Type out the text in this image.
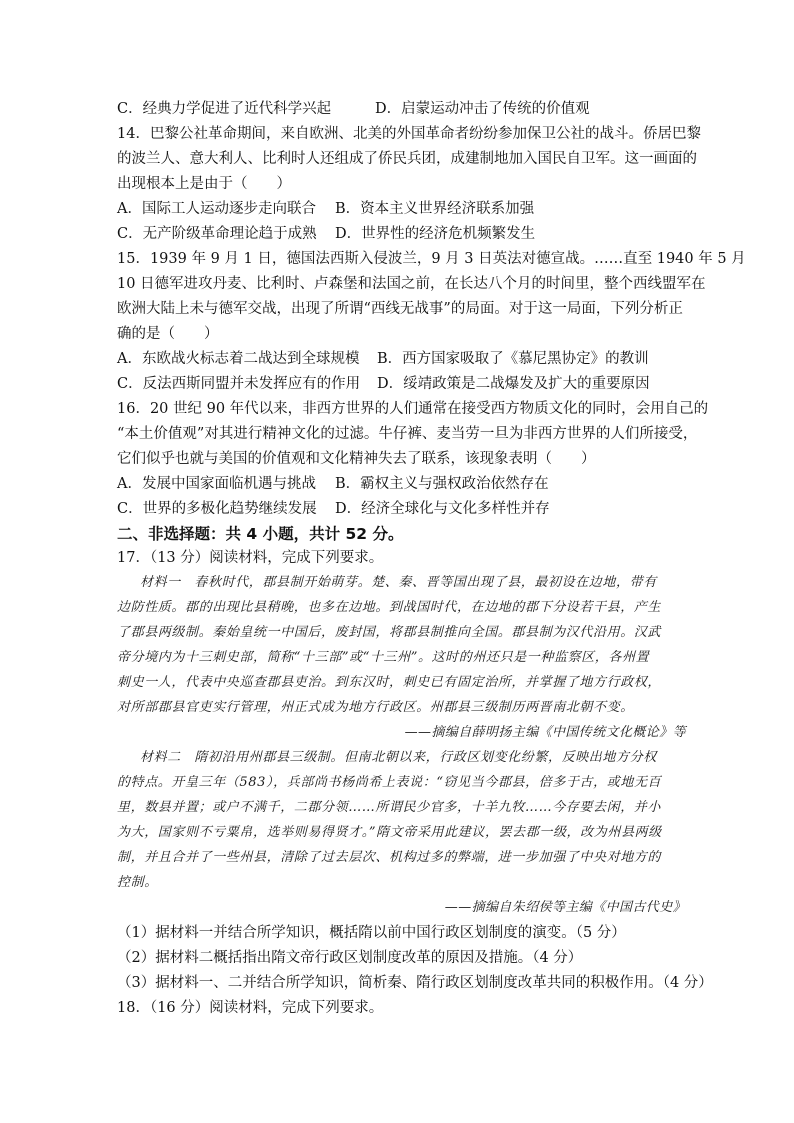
C．经典力学促进了近代科学兴起	D．启蒙运动冲击了传统的价值观
14．巴黎公社革命期间，来自欧洲、北美的外国革命者纷纷参加保卫公社的战斗。侨居巴黎
的波兰人、意大利人、比利时人还组成了侨民兵团，成建制地加入国民自卫军。这一画面的
出现根本上是由于（　　）
A．国际工人运动逐步走向联合 B．资本主义世界经济联系加强
C．无产阶级革命理论趋于成熟 D．世界性的经济危机频繁发生
15．1939 年 9 月 1 日，德国法西斯入侵波兰，9 月 3 日英法对德宣战。……直至 1940 年 5 月
10 日德军进攻丹麦、比利时、卢森堡和法国之前，在长达八个月的时间里，整个西线盟军在
欧洲大陆上未与德军交战，出现了所谓“西线无战事”的局面。对于这一局面，下列分析正
确的是（　　）
A．东欧战火标志着二战达到全球规模 B．西方国家吸取了《慕尼黑协定》的教训
C．反法西斯同盟并未发挥应有的作用 D．绥靖政策是二战爆发及扩大的重要原因
16．20 世纪 90 年代以来，非西方世界的人们通常在接受西方物质文化的同时，会用自己的
“本土价值观”对其进行精神文化的过滤。牛仔裤、麦当劳一旦为非西方世界的人们所接受，
它们似乎也就与美国的价值观和文化精神失去了联系，该现象表明（　　）
A．发展中国家面临机遇与挑战 B．霸权主义与强权政治依然存在
C．世界的多极化趋势继续发展 D．经济全球化与文化多样性并存
二、非选择题：共 4 小题，共计 52 分。
17．（13 分）阅读材料，完成下列要求。
材料一　春秋时代，郡县制开始萌芽。楚、秦、晋等国出现了县，最初设在边地，带有
边防性质。郡的出现比县稍晚，也多在边地。到战国时代，在边地的郡下分设若干县，产生
了郡县两级制。秦始皇统一中国后，废封国，将郡县制推向全国。郡县制为汉代沿用。汉武
帝分境内为十三刺史部，简称“十三部”或“十三州”。这时的州还只是一种监察区，各州置
刺史一人，代表中央巡查郡县吏治。到东汉时，刺史已有固定治所，并掌握了地方行政权，
对所部郡县官吏实行管理，州正式成为地方行政区。州郡县三级制历两晋南北朝不变。
——摘编自薛明扬主编《中国传统文化概论》等
材料二　隋初沿用州郡县三级制。但南北朝以来，行政区划变化纷繁，反映出地方分权
的特点。开皇三年（583），兵部尚书杨尚希上表说：“窃见当今郡县，倍多于古，或地无百
里，数县并置；或户不满千，二郡分领……所谓民少官多，十羊九牧……今存要去闲，并小
为大，国家则不亏粟帛，选举则易得贤才。”隋文帝采用此建议，罢去郡一级，改为州县两级
制，并且合并了一些州县，清除了过去层次、机构过多的弊端，进一步加强了中央对地方的
控制。
——摘编自朱绍侯等主编《中国古代史》
（1）据材料一并结合所学知识，概括隋以前中国行政区划制度的演变。（5 分）
（2）据材料二概括指出隋文帝行政区划制度改革的原因及措施。（4 分）
（3）据材料一、二并结合所学知识，简析秦、隋行政区划制度改革共同的积极作用。（4 分）
18．（16 分）阅读材料，完成下列要求。
